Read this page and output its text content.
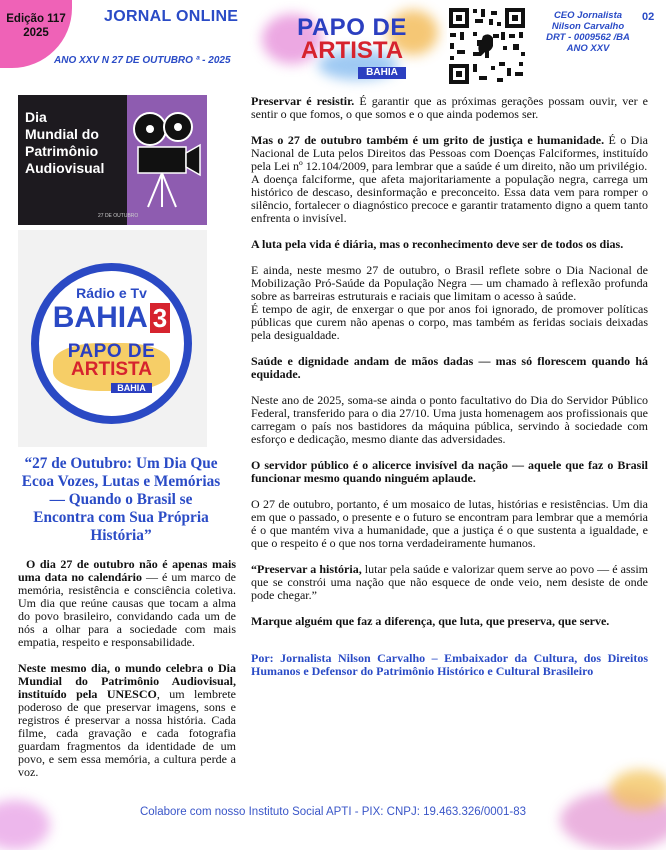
Edição 117
2025
JORNAL ONLINE
ANO XXV N 27 DE OUTUBRO ª - 2025
PAPO DE
ARTISTA
BAHIA
CEO Jornalista
Nilson Carvalho
DRT - 0009562 /BA
ANO XXV
02
Dia
Mundial do
Patrimônio
Audiovisual
27 DE OUTUBRO
Rádio e Tv
BAHIA 3
PAPO DE
ARTISTA
BAHIA
“27 de Outubro: Um Dia Que Ecoa Vozes, Lutas e Memórias — Quando o Brasil se Encontra com Sua Própria História”

O dia 27 de outubro não é apenas mais uma data no calendário — é um marco de memória, resistência e consciência coletiva. Um dia que reúne causas que tocam a alma do povo brasileiro, convidando cada um de nós a olhar para a sociedade com mais empatia, respeito e responsabilidade.

Neste mesmo dia, o mundo celebra o Dia Mundial do Patrimônio Audiovisual, instituído pela UNESCO, um lembrete poderoso de que preservar imagens, sons e registros é preservar a nossa história. Cada filme, cada gravação e cada fotografia guardam fragmentos da identidade de um povo, e sem essa memória, a cultura perde a voz.

Preservar é resistir. É garantir que as próximas gerações possam ouvir, ver e sentir o que fomos, o que somos e o que ainda podemos ser.

Mas o 27 de outubro também é um grito de justiça e humanidade. É o Dia Nacional de Luta pelos Direitos das Pessoas com Doenças Falciformes, instituído pela Lei nº 12.104/2009, para lembrar que a saúde é um direito, não um privilégio.

A doença falciforme, que afeta majoritariamente a população negra, carrega um histórico de descaso, desinformação e preconceito. Essa data vem para romper o silêncio, fortalecer o diagnóstico precoce e garantir tratamento digno a quem tanto enfrenta o invisível.

A luta pela vida é diária, mas o reconhecimento deve ser de todos os dias.

E ainda, neste mesmo 27 de outubro, o Brasil reflete sobre o Dia Nacional de Mobilização Pró-Saúde da População Negra — um chamado à reflexão profunda sobre as barreiras estruturais e raciais que limitam o acesso à saúde.

É tempo de agir, de enxergar o que por anos foi ignorado, de promover políticas públicas que curem não apenas o corpo, mas também as feridas sociais deixadas pela desigualdade.

Saúde e dignidade andam de mãos dadas — mas só florescem quando há equidade.

Neste ano de 2025, soma-se ainda o ponto facultativo do Dia do Servidor Público Federal, transferido para o dia 27/10. Uma justa homenagem aos profissionais que carregam o país nos bastidores da máquina pública, servindo à sociedade com esforço e dedicação, mesmo diante das adversidades.

O servidor público é o alicerce invisível da nação — aquele que faz o Brasil funcionar mesmo quando ninguém aplaude.

O 27 de outubro, portanto, é um mosaico de lutas, histórias e resistências. Um dia em que o passado, o presente e o futuro se encontram para lembrar que a memória é o que mantém viva a humanidade, que a justiça é o que sustenta a igualdade, e que o respeito é o que nos torna verdadeiramente humanos.

“Preservar a história, lutar pela saúde e valorizar quem serve ao povo — é assim que se constrói uma nação que não esquece de onde veio, nem desiste de onde pode chegar.”

Marque alguém que faz a diferença, que luta, que preserva, que serve.

Por: Jornalista Nilson Carvalho – Embaixador da Cultura, dos Direitos Humanos e Defensor do Patrimônio Histórico e Cultural Brasileiro

Colabore com nosso Instituto Social APTI - PIX: CNPJ: 19.463.326/0001-83
